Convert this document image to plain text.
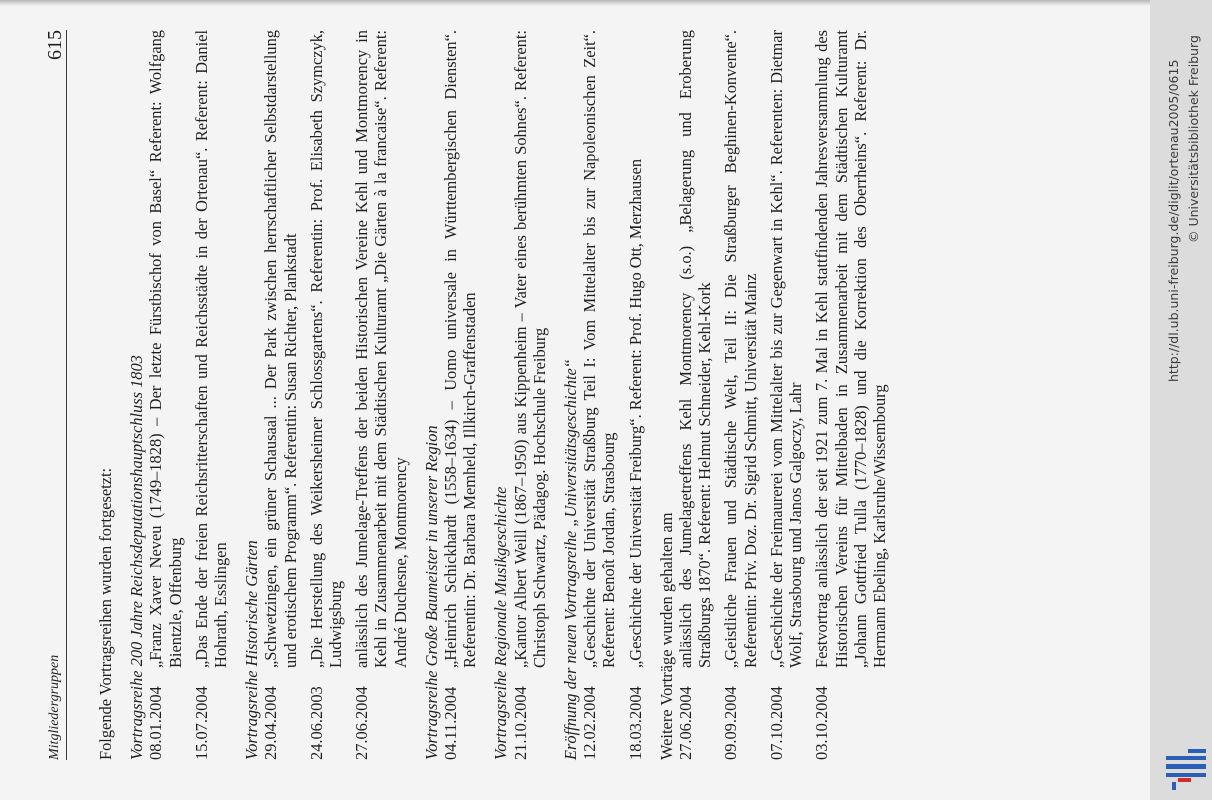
Mitgliedergruppen
615
Folgende Vortragsreihen wurden fortgesetzt: Vortragsreihe 200 Jahre Reichsdeputationshauptschluss 1803 08.01.2004
„Franz Xaver Neveu (1749–1828) – Der letzte Fürstbischof von Basel“ Referent: Wolfgang Bientzle, Offenburg
15.07.2004
„Das Ende der freien Reichsritterschaften und Reichsstädte in der Ortenau“. Referent: Daniel Hohrath, Esslingen Vortragsreihe Historische Gärten 29.04.2004
„Schwetzingen, ein grüner Schausaal ... Der Park zwischen herrschaftlicher Selbstdarstellung und erotischem Programm“. Referentin: Susan Richter, Plankstadt
24.06.2003
„Die Herstellung des Weikersheimer Schlossgartens“. Referentin: Prof. Elisabeth Szymczyk, Ludwigsburg
27.06.2004
anlässlich des Jumelage-Treffens der beiden Historischen Vereine Kehl und Montmorency in Kehl in Zusammenarbeit mit dem Städtischen Kulturamt „Die Gärten à la francaise“. Referent: André Duchesne, Montmorency Vortragsreihe Große Baumeister in unserer Region 04.11.2004
„Heinrich Schickhardt (1558–1634) – Uomo universale in Württembergischen Diensten“. Referentin: Dr. Barbara Memheld, Illkirch-Graffenstaden Vortragsreihe Regionale Musikgeschichte 21.10.2004
„Kantor Albert Weill (1867–1950) aus Kippenheim – Vater eines berühmten Sohnes“. Referent: Christoph Schwartz, Pädagog. Hochschule Freiburg Eröffnung der neuen Vortragsreihe „Universitätsgeschichte“ 12.02.2004
„Geschichte der Universität Straßburg Teil I: Vom Mittelalter bis zur Napoleonischen Zeit“. Referent: Benoît Jordan, Strasbourg
18.03.2004
„Geschichte der Universität Freiburg“. Referent: Prof. Hugo Ott, Merzhausen Weitere Vorträge wurden gehalten am 27.06.2004
anlässlich des Jumelagetreffens Kehl Montmorency (s.o.) „Belagerung und Eroberung Straßburgs 1870“. Referent: Helmut Schneider, Kehl-Kork
09.09.2004
„Geistliche Frauen und Städtische Welt, Teil II: Die Straßburger Beghinen-Konvente“. Referentin: Priv. Doz. Dr. Sigrid Schmitt, Universität Mainz
07.10.2004
„Geschichte der Freimaurerei vom Mittelalter bis zur Gegenwart in Kehl“. Referenten: Dietmar Wolf, Strasbourg und Janos Galgoczy, Lahr
03.10.2004
Festvortrag anlässlich der seit 1921 zum 7. Mal in Kehl stattfindenden Jahresversammlung des Historischen Vereins für Mittelbaden in Zusammenarbeit mit dem Städtischen Kulturamt „Johann Gottfried Tulla (1770–1828) und die Korrektion des Oberrheins“. Referent: Dr. Hermann Ebeling, Karlsruhe/Wissembourg
http://dl.ub.uni-freiburg.de/diglit/ortenau2005/0615 © Universitätsbibliothek Freiburg
